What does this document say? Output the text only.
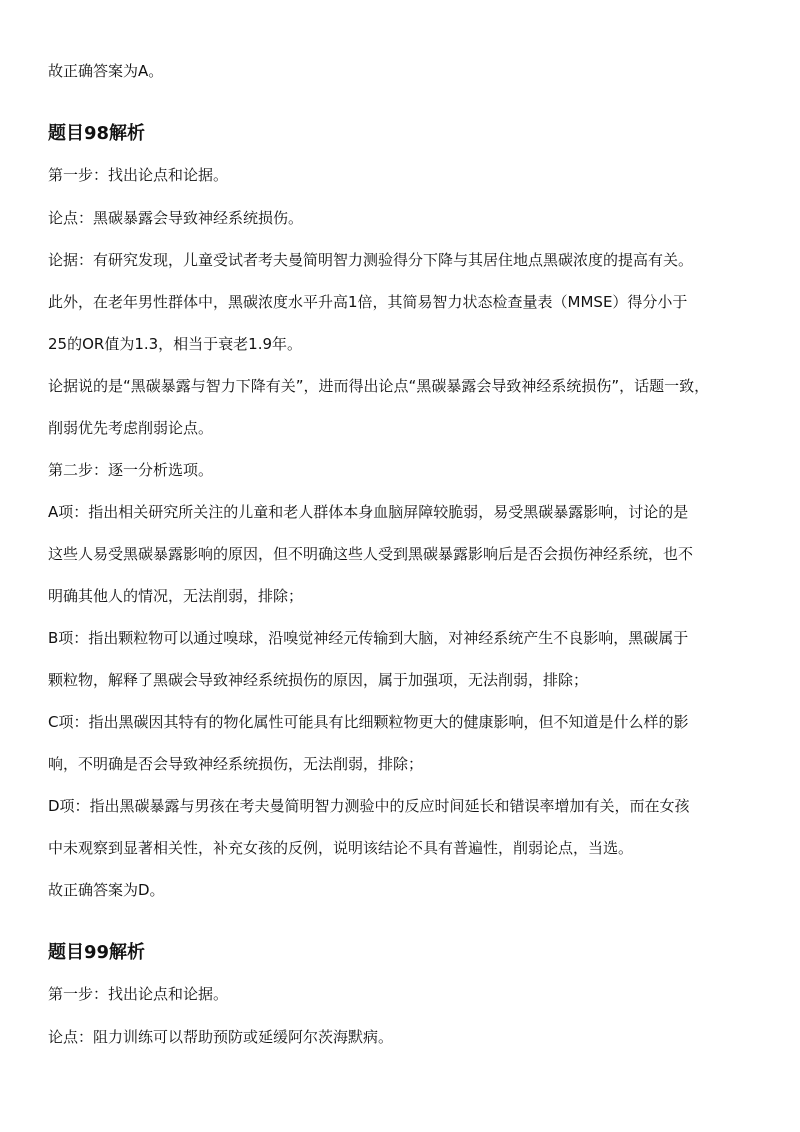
故正确答案为A。
题目98解析
第一步：找出论点和论据。
论点：黑碳暴露会导致神经系统损伤。
论据：有研究发现，儿童受试者考夫曼简明智力测验得分下降与其居住地点黑碳浓度的提高有关。
此外，在老年男性群体中，黑碳浓度水平升高1倍，其简易智力状态检查量表（MMSE）得分小于
25的OR值为1.3，相当于衰老1.9年。
论据说的是“黑碳暴露与智力下降有关”，进而得出论点“黑碳暴露会导致神经系统损伤”，话题一致，
削弱优先考虑削弱论点。
第二步：逐一分析选项。
A项：指出相关研究所关注的儿童和老人群体本身血脑屏障较脆弱，易受黑碳暴露影响，讨论的是
这些人易受黑碳暴露影响的原因，但不明确这些人受到黑碳暴露影响后是否会损伤神经系统，也不
明确其他人的情况，无法削弱，排除；
B项：指出颗粒物可以通过嗅球，沿嗅觉神经元传输到大脑，对神经系统产生不良影响，黑碳属于
颗粒物，解释了黑碳会导致神经系统损伤的原因，属于加强项，无法削弱，排除；
C项：指出黑碳因其特有的物化属性可能具有比细颗粒物更大的健康影响，但不知道是什么样的影
响，不明确是否会导致神经系统损伤，无法削弱，排除；
D项：指出黑碳暴露与男孩在考夫曼简明智力测验中的反应时间延长和错误率增加有关，而在女孩
中未观察到显著相关性，补充女孩的反例，说明该结论不具有普遍性，削弱论点，当选。
故正确答案为D。
题目99解析
第一步：找出论点和论据。
论点：阻力训练可以帮助预防或延缓阿尔茨海默病。
